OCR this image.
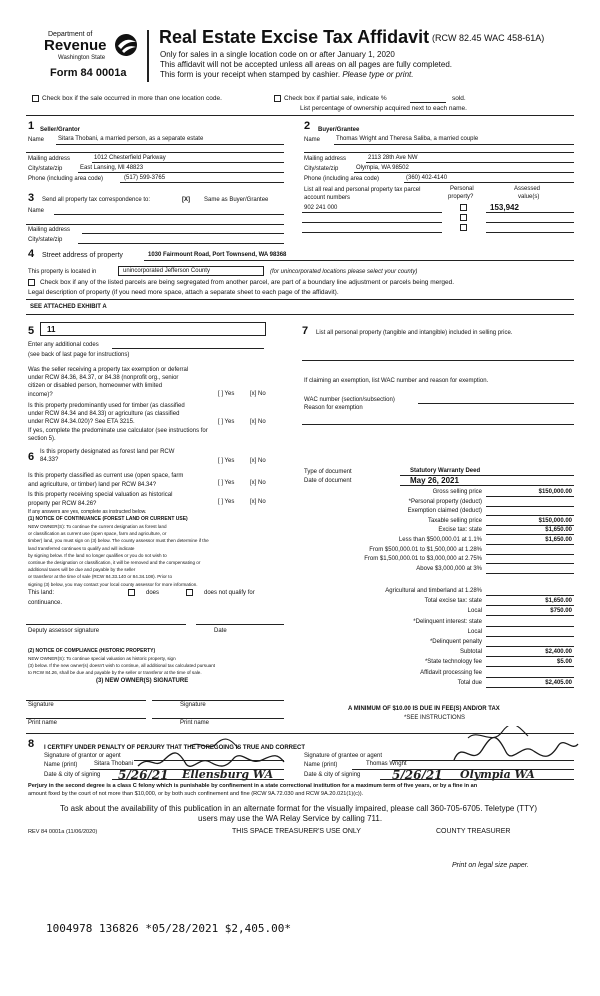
Department of
Revenue
Washington State
Form 84 0001a
Real Estate Excise Tax Affidavit (RCW 82.45 WAC 458-61A)
Only for sales in a single location code on or after January 1, 2020
This affidavit will not be accepted unless all areas on all pages are fully completed.
This form is your receipt when stamped by cashier. Please type or print.
Check box if the sale occurred in more than one location code.	Check box if partial sale, indicate %	sold.
List percentage of ownership acquired next to each name.
1 Seller/Grantor
Name Sitara Thobani, a married person, as a separate estate
Mailing address	1012 Chesterfield Parkway
City/state/zip	East Lansing, MI 48823
Phone (including area code)	(517) 599-3765
2 Buyer/Grantee
Name	Thomas Wright and Theresa Saliba, a married couple
Mailing address	2113 28th Ave NW
City/state/zip	Olympia, WA 98502
Phone (including area code)	(360) 402-4140
3 Send all property tax correspondence to:	[X] Same as Buyer/Grantee
Name
Mailing address
City/state/zip
List all real and personal property tax parcel account numbers
Personal
property?
Assessed
value(s)
902 241 000	153,942
4 Street address of property	1030 Fairmount Road, Port Townsend, WA 98368
This property is located in	unincorporated Jefferson County	(for unincorporated locations please select your county)
Check box if any of the listed parcels are being segregated from another parcel, are part of a boundary line adjustment or parcels being merged.
Legal description of property (if you need more space, attach a separate sheet to each page of the affidavit).
SEE ATTACHED EXHIBIT A
5 11
Enter any additional codes
(see back of last page for instructions)
Was the seller receiving a property tax exemption or deferral
under RCW 84.36, 84.37, or 84.38 (nonprofit org., senior
citizen or disabled person, homeowner with limited
income)?	[ ] Yes	[x] No
Is this property predominantly used for timber (as classified
under RCW 84.34 and 84.33) or agriculture (as classified
under RCW 84.34.020)? See ETA 3215.
If yes, complete the predominate use calculator (see instructions for
section 5).
[ ] Yes	[x] No
6 Is this property designated as forest land per RCW
84.33?	[ ] Yes	[x] No
Is this property classified as current use (open space, farm
and agriculture, or timber) land per RCW 84.34?	[ ] Yes	[x] No
Is this property receiving special valuation as historical
property per RCW 84.26?	[ ] Yes	[x] No
If any answers are yes, complete as instructed below.
(1) NOTICE OF CONTINUANCE (FOREST LAND OR CURRENT USE)
NEW OWNER(S): To continue the current designation as forest land
or classification as current use (open space, farm and agriculture, or
timber) land, you must sign on (3) below. The county assessor must then determine if the
land transferred continues to qualify and will indicate
by signing below. If the land no longer qualifies or you do not wish to
continue the designation or classification, it will be removed and the compensating or
additional taxes will be due and payable by the seller
or transferor at the time of sale (RCW 84.33.140 or 84.34.108). Prior to
signing (3) below, you may contact your local county assessor for more information.
This land:	does	does not qualify for
continuance.
Deputy assessor signature	Date
(2) NOTICE OF COMPLIANCE (HISTORIC PROPERTY)
NEW OWNER(S): To continue special valuation as historic property, sign
(3) below. If the new owner(s) doesn't wish to continue, all additional tax calculated pursuant
to RCW 84.26, shall be due and payable by the seller or transferor at the time of sale.
(3) NEW OWNER(S) SIGNATURE
Signature	Signature
Print name	Print name
7 List all personal property (tangible and intangible) included in selling price.
If claiming an exemption, list WAC number and reason for exemption.
WAC number (section/subsection)
Reason for exemption
Type of document	Statutory Warranty Deed
Date of document	May 26, 2021
Gross selling price	$150,000.00
*Personal property (deduct)
Exemption claimed (deduct)
Taxable selling price	$150,000.00
Excise tax: state	$1,650.00
Less than $500,000.01 at 1.1%	$1,650.00
From $500,000.01 to $1,500,000 at 1.28%
From $1,500,000.01 to $3,000,000 at 2.75%
Above $3,000,000 at 3%
Agricultural and timberland at 1.28%
Total excise tax: state	$1,650.00
Local	$750.00
*Delinquent interest: state
Local
*Delinquent penalty
Subtotal	$2,400.00
*State technology fee	$5.00
Affidavit processing fee
Total due	$2,405.00
A MINIMUM OF $10.00 IS DUE IN FEE(S) AND/OR TAX
*SEE INSTRUCTIONS
8 I CERTIFY UNDER PENALTY OF PERJURY THAT THE FOREGOING IS TRUE AND CORRECT
Signature of grantor or agent
Name (print)	Sitara Thobani
Date & city of signing 5/26/21 Ellensburg WA
Signature of grantee or agent
Name (print)	Thomas Wright
Date & city of signing	5/26/21 Olympia WA
Perjury in the second degree is a class C felony which is punishable by confinement in a state correctional institution for a maximum term of five years, or by a fine in an
amount fixed by the court of not more than $10,000, or by both such confinement and fine (RCW 9A.72.030 and RCW 9A.20.021(1)(c)).
To ask about the availability of this publication in an alternate format for the visually impaired, please call 360-705-6705. Teletype (TTY)
users may use the WA Relay Service by calling 711.
REV 84 0001a (11/06/2020)	THIS SPACE TREASURER'S USE ONLY	COUNTY TREASURER
Print on legal size paper.
1004978 136826 *05/28/2021 $2,405.00*
